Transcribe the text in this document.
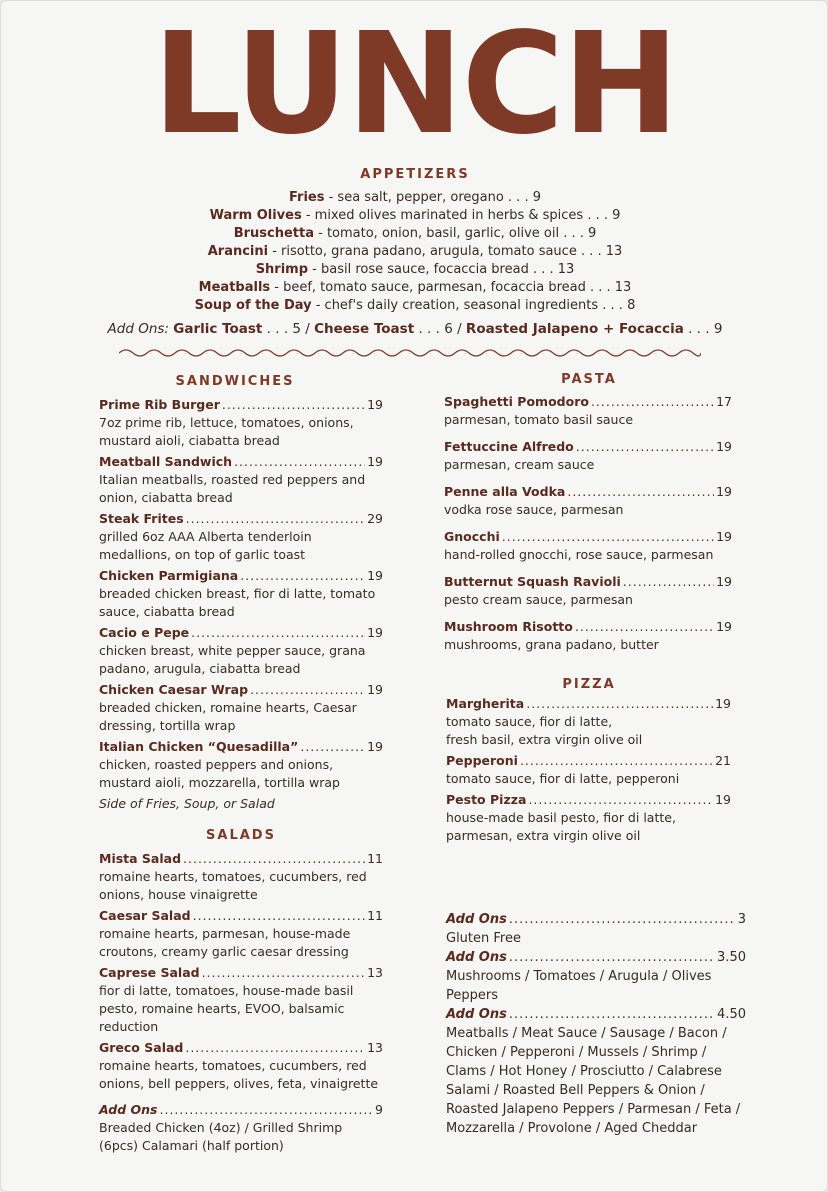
LUNCH
APPETIZERS
Fries - sea salt, pepper, oregano . . . 9
Warm Olives - mixed olives marinated in herbs & spices . . . 9
Bruschetta - tomato, onion, basil, garlic, olive oil . . . 9
Arancini - risotto, grana padano, arugula, tomato sauce . . . 13
Shrimp - basil rose sauce, focaccia bread . . . 13
Meatballs - beef, tomato sauce, parmesan, focaccia bread . . . 13
Soup of the Day - chef's daily creation, seasonal ingredients . . . 8
Add Ons: Garlic Toast . . . 5 / Cheese Toast . . . 6 / Roasted Jalapeno + Focaccia . . . 9
SANDWICHES
Prime Rib Burger .....	19
7oz prime rib, lettuce, tomatoes, onions, mustard aioli, ciabatta bread
Meatball Sandwich .....	19
Italian meatballs, roasted red peppers and onion, ciabatta bread
Steak Frites .....	29
grilled 6oz AAA Alberta tenderloin medallions, on top of garlic toast
Chicken Parmigiana .....	19
breaded chicken breast, fior di latte, tomato sauce, ciabatta bread
Cacio e Pepe .....	19
chicken breast, white pepper sauce, grana padano, arugula, ciabatta bread
Chicken Caesar Wrap .....	19
breaded chicken, romaine hearts, Caesar dressing, tortilla wrap
Italian Chicken “Quesadilla” .....	19
chicken, roasted peppers and onions, mustard aioli, mozzarella, tortilla wrap
Side of Fries, Soup, or Salad
SALADS
Mista Salad .....	11
romaine hearts, tomatoes, cucumbers, red onions, house vinaigrette
Caesar Salad .....	11
romaine hearts, parmesan, house-made croutons, creamy garlic caesar dressing
Caprese Salad .....	13
fior di latte, tomatoes, house-made basil pesto, romaine hearts, EVOO, balsamic reduction
Greco Salad .....	13
romaine hearts, tomatoes, cucumbers, red onions, bell peppers, olives, feta, vinaigrette
Add Ons .....	9
Breaded Chicken (4oz) / Grilled Shrimp (6pcs) Calamari (half portion)
PASTA
Spaghetti Pomodoro .....	17
parmesan, tomato basil sauce
Fettuccine Alfredo .....	19
parmesan, cream sauce
Penne alla Vodka .....	19
vodka rose sauce, parmesan
Gnocchi .....	19
hand-rolled gnocchi, rose sauce, parmesan
Butternut Squash Ravioli .....	19
pesto cream sauce, parmesan
Mushroom Risotto .....	19
mushrooms, grana padano, butter
PIZZA
Margherita .....	19
tomato sauce, fior di latte, fresh basil, extra virgin olive oil
Pepperoni .....	21
tomato sauce, fior di latte, pepperoni
Pesto Pizza .....	19
house-made basil pesto, fior di latte, parmesan, extra virgin olive oil
Add Ons .....	3
Gluten Free
Add Ons .....	3.50
Mushrooms / Tomatoes / Arugula / Olives Peppers
Add Ons .....	4.50
Meatballs / Meat Sauce / Sausage / Bacon / Chicken / Pepperoni / Mussels / Shrimp / Clams / Hot Honey / Prosciutto / Calabrese Salami / Roasted Bell Peppers & Onion / Roasted Jalapeno Peppers / Parmesan / Feta / Mozzarella / Provolone / Aged Cheddar
